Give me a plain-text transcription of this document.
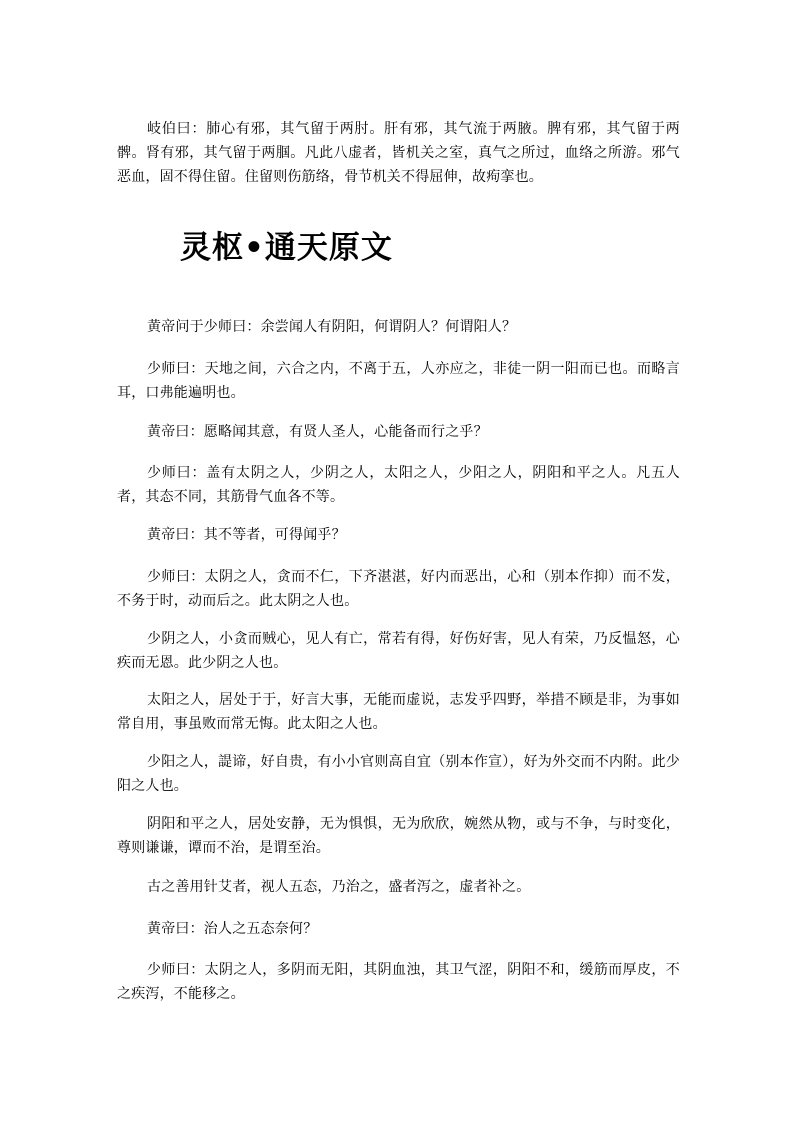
岐伯曰：肺心有邪，其气留于两肘。肝有邪，其气流于两腋。脾有邪，其气留于两髀。肾有邪，其气留于两腘。凡此八虚者，皆机关之室，真气之所过，血络之所游。邪气恶血，固不得住留。住留则伤筋络，骨节机关不得屈伸，故痀挛也。

灵枢•通天原文

黄帝问于少师曰：余尝闻人有阴阳，何谓阴人？何谓阳人？

少师曰：天地之间，六合之内，不离于五，人亦应之，非徒一阴一阳而已也。而略言耳，口弗能遍明也。

黄帝曰：愿略闻其意，有贤人圣人，心能备而行之乎？

少师曰：盖有太阴之人，少阴之人，太阳之人，少阳之人，阴阳和平之人。凡五人者，其态不同，其筋骨气血各不等。

黄帝曰：其不等者，可得闻乎？

少师曰：太阴之人，贪而不仁，下齐湛湛，好内而恶出，心和（别本作抑）而不发，不务于时，动而后之。此太阴之人也。

少阴之人，小贪而贼心，见人有亡，常若有得，好伤好害，见人有荣，乃反愠怒，心疾而无恩。此少阴之人也。

太阳之人，居处于于，好言大事，无能而虚说，志发乎四野，举措不顾是非，为事如常自用，事虽败而常无悔。此太阳之人也。

少阳之人，諟谛，好自贵，有小小官则高自宜（别本作宣），好为外交而不内附。此少阳之人也。

阴阳和平之人，居处安静，无为惧惧，无为欣欣，婉然从物，或与不争，与时变化，尊则谦谦，谭而不治，是谓至治。

古之善用针艾者，视人五态，乃治之，盛者泻之，虚者补之。

黄帝曰：治人之五态奈何？

少师曰：太阴之人，多阴而无阳，其阴血浊，其卫气涩，阴阳不和，缓筋而厚皮，不之疾泻，不能移之。
